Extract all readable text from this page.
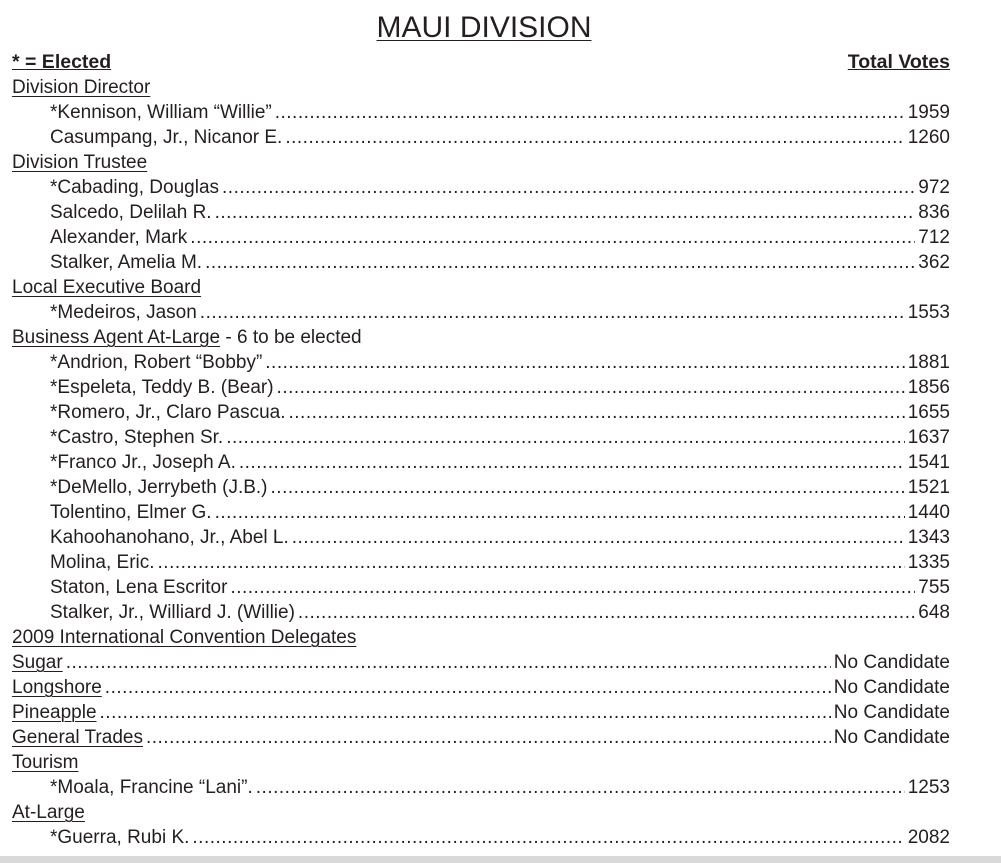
MAUI DIVISION
* = Elected	Total Votes
Division Director
*Kennison, William “Willie” .....	1959
Casumpang, Jr., Nicanor E. .....	1260
Division Trustee
*Cabading, Douglas .....	972
Salcedo, Delilah R. .....	836
Alexander, Mark .....	712
Stalker, Amelia M. .....	362
Local Executive Board
*Medeiros, Jason .....	1553
Business Agent At-Large - 6 to be elected
*Andrion, Robert “Bobby” .....	1881
*Espeleta, Teddy B. (Bear) .....	1856
*Romero, Jr., Claro Pascua. .....	1655
*Castro, Stephen Sr. .....	1637
*Franco Jr., Joseph A. .....	1541
*DeMello, Jerrybeth (J.B.) .....	1521
Tolentino, Elmer G. .....	1440
Kahoohanohano, Jr., Abel L. .....	1343
Molina, Eric. .....	1335
Staton, Lena Escritor .....	755
Stalker, Jr., Williard J. (Willie) .....	648
2009 International Convention Delegates
Sugar .....	No Candidate
Longshore .....	No Candidate
Pineapple .....	No Candidate
General Trades .....	No Candidate
Tourism
*Moala, Francine “Lani”. .....	1253
At-Large
*Guerra, Rubi K. .....	2082
